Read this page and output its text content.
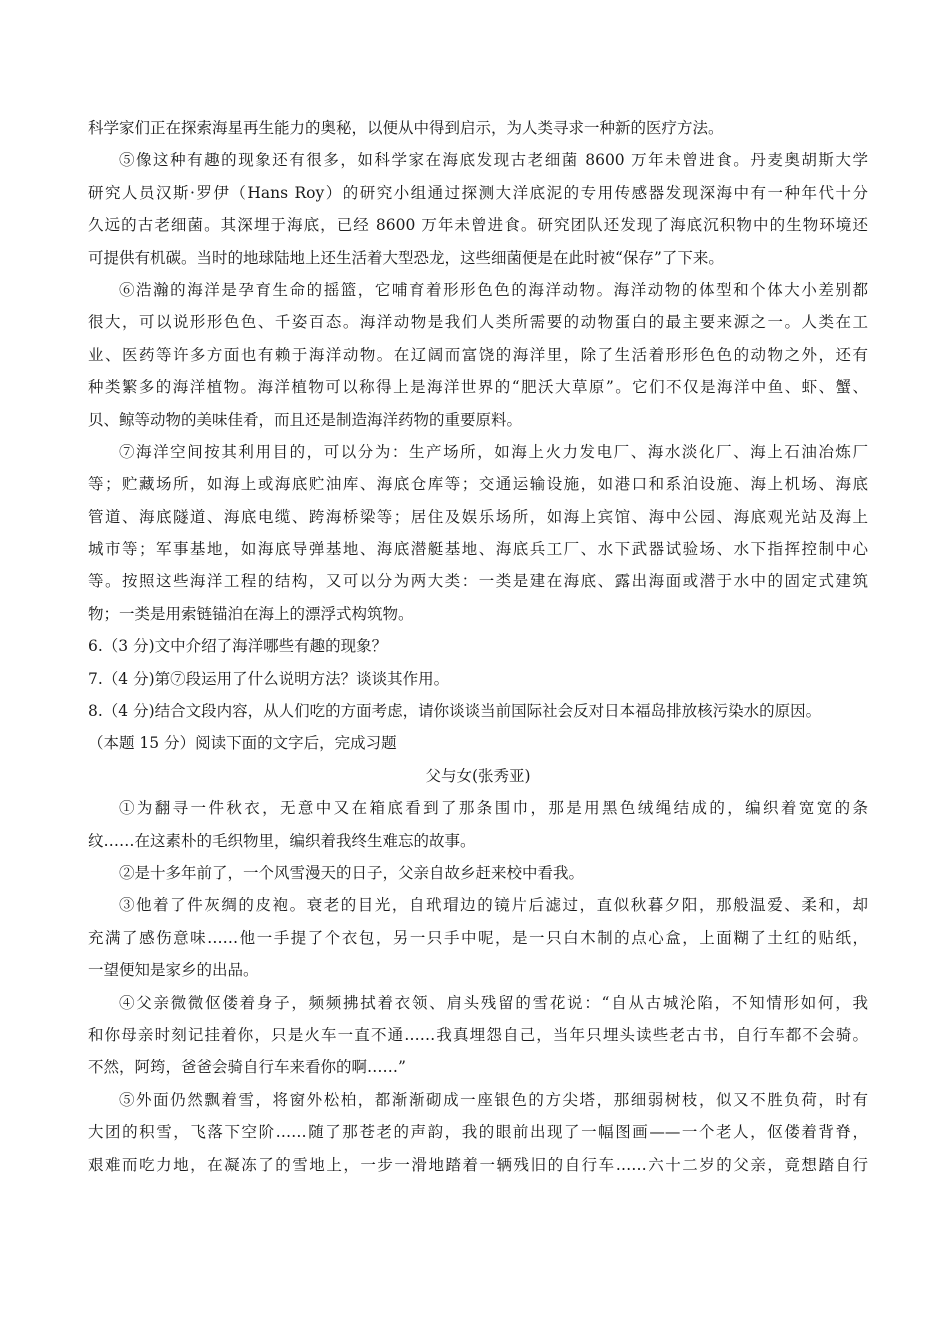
科学家们正在探索海星再生能力的奥秘，以便从中得到启示，为人类寻求一种新的医疗方法。
⑤像这种有趣的现象还有很多，如科学家在海底发现古老细菌 8600 万年未曾进食。丹麦奥胡斯大学
研究人员汉斯·罗伊（Hans Roy）的研究小组通过探测大洋底泥的专用传感器发现深海中有一种年代十分
久远的古老细菌。其深埋于海底，已经 8600 万年未曾进食。研究团队还发现了海底沉积物中的生物环境还
可提供有机碳。当时的地球陆地上还生活着大型恐龙，这些细菌便是在此时被“保存”了下来。
⑥浩瀚的海洋是孕育生命的摇篮，它哺育着形形色色的海洋动物。海洋动物的体型和个体大小差别都
很大，可以说形形色色、千姿百态。海洋动物是我们人类所需要的动物蛋白的最主要来源之一。人类在工
业、医药等许多方面也有赖于海洋动物。在辽阔而富饶的海洋里，除了生活着形形色色的动物之外，还有
种类繁多的海洋植物。海洋植物可以称得上是海洋世界的“肥沃大草原”。它们不仅是海洋中鱼、虾、蟹、
贝、鲸等动物的美味佳肴，而且还是制造海洋药物的重要原料。
⑦海洋空间按其利用目的，可以分为：生产场所，如海上火力发电厂、海水淡化厂、海上石油冶炼厂
等；贮藏场所，如海上或海底贮油库、海底仓库等；交通运输设施，如港口和系泊设施、海上机场、海底
管道、海底隧道、海底电缆、跨海桥梁等；居住及娱乐场所，如海上宾馆、海中公园、海底观光站及海上
城市等；军事基地，如海底导弹基地、海底潜艇基地、海底兵工厂、水下武器试验场、水下指挥控制中心
等。按照这些海洋工程的结构，又可以分为两大类：一类是建在海底、露出海面或潜于水中的固定式建筑
物；一类是用索链锚泊在海上的漂浮式构筑物。
6.（3 分)文中介绍了海洋哪些有趣的现象？
7.（4 分)第⑦段运用了什么说明方法？谈谈其作用。
8.（4 分)结合文段内容，从人们吃的方面考虑，请你谈谈当前国际社会反对日本福岛排放核污染水的原因。
（本题 15 分）阅读下面的文字后，完成习题
父与女(张秀亚)
①为翻寻一件秋衣，无意中又在箱底看到了那条围巾，那是用黑色绒绳结成的，编织着宽宽的条
纹……在这素朴的毛织物里，编织着我终生难忘的故事。
②是十多年前了，一个风雪漫天的日子，父亲自故乡赶来校中看我。
③他着了件灰绸的皮袍。衰老的目光，自玳瑁边的镜片后滤过，直似秋暮夕阳，那般温爱、柔和，却
充满了感伤意味……他一手提了个衣包，另一只手中呢，是一只白木制的点心盒，上面糊了土红的贴纸，
一望便知是家乡的出品。
④父亲微微伛偻着身子，频频拂拭着衣领、肩头残留的雪花说：“自从古城沦陷，不知情形如何，我
和你母亲时刻记挂着你，只是火车一直不通……我真埋怨自己，当年只埋头读些老古书，自行车都不会骑。
不然，阿筠，爸爸会骑自行车来看你的啊……”
⑤外面仍然飘着雪，将窗外松柏，都渐渐砌成一座银色的方尖塔，那细弱树枝，似又不胜负荷，时有
大团的积雪，飞落下空阶……随了那苍老的声韵，我的眼前出现了一幅图画——一个老人，伛偻着背脊，
艰难而吃力地，在凝冻了的雪地上，一步一滑地踏着一辆残旧的自行车……六十二岁的父亲，竟想踏自行
